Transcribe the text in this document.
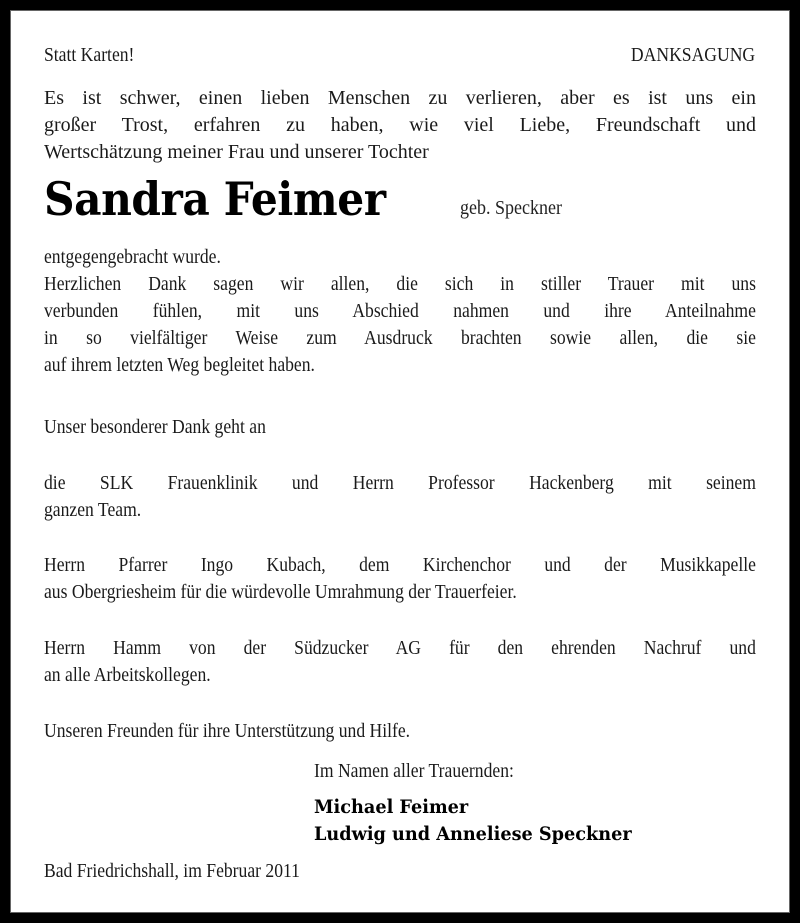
Statt Karten!	DANKSAGUNG
Es ist schwer, einen lieben Menschen zu verlieren, aber es ist uns ein
großer Trost, erfahren zu haben, wie viel Liebe, Freundschaft und
Wertschätzung meiner Frau und unserer Tochter
Sandra Feimer	geb. Speckner
entgegengebracht wurde.
Herzlichen Dank sagen wir allen, die sich in stiller Trauer mit uns
verbunden fühlen, mit uns Abschied nahmen und ihre Anteilnahme
in so vielfältiger Weise zum Ausdruck brachten sowie allen, die sie
auf ihrem letzten Weg begleitet haben.
Unser besonderer Dank geht an
die SLK Frauenklinik und Herrn Professor Hackenberg mit seinem
ganzen Team.
Herrn Pfarrer Ingo Kubach, dem Kirchenchor und der Musikkapelle
aus Obergriesheim für die würdevolle Umrahmung der Trauerfeier.
Herrn Hamm von der Südzucker AG für den ehrenden Nachruf und
an alle Arbeitskollegen.
Unseren Freunden für ihre Unterstützung und Hilfe.
Im Namen aller Trauernden:
Michael Feimer
Ludwig und Anneliese Speckner
Bad Friedrichshall, im Februar 2011
